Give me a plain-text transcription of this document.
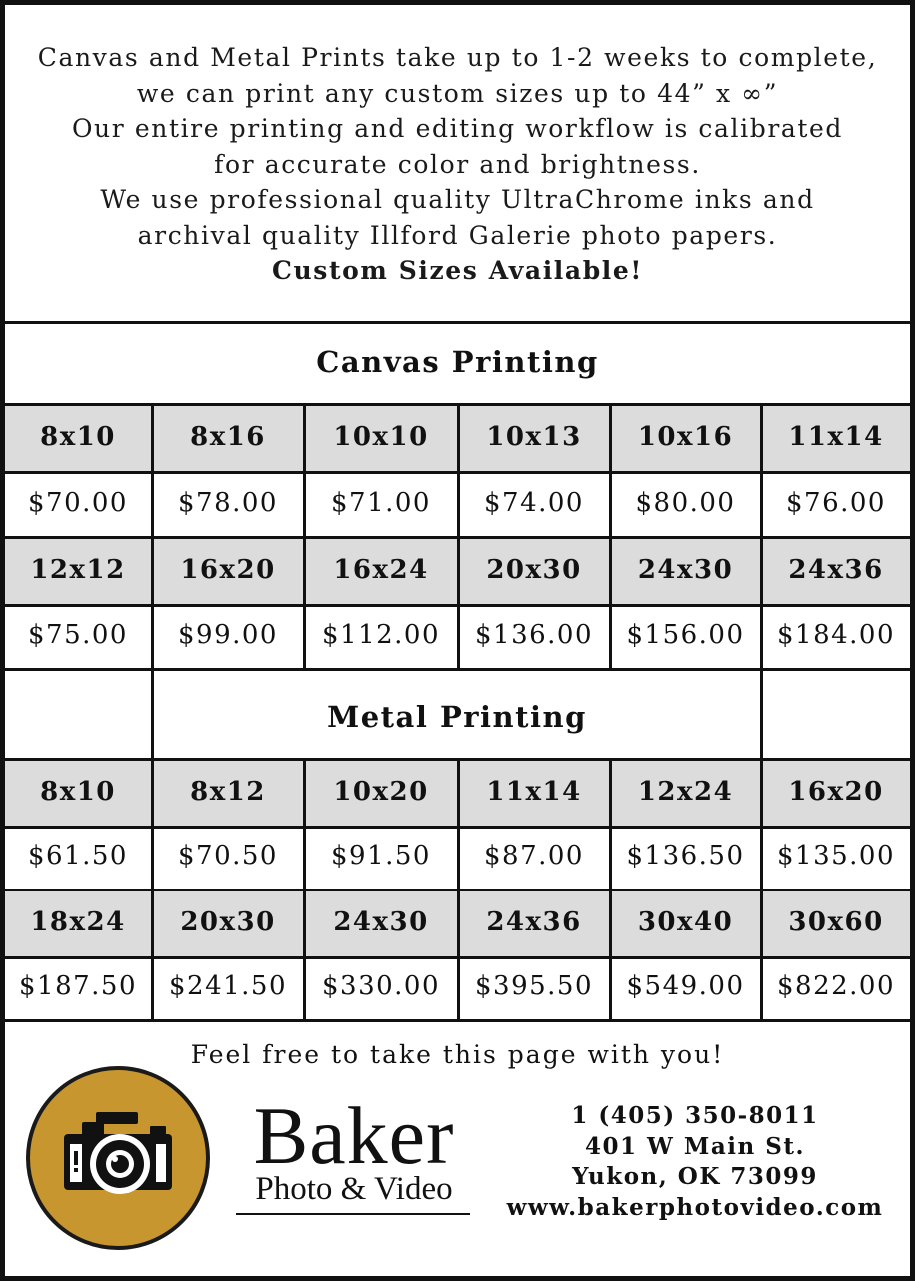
Canvas and Metal Prints take up to 1-2 weeks to complete,
we can print any custom sizes up to 44” x ∞”
Our entire printing and editing workflow is calibrated
for accurate color and brightness.
We use professional quality UltraChrome inks and
archival quality Illford Galerie photo papers.
Custom Sizes Available!
Canvas Printing
8x10	8x16	10x10	10x13	10x16	11x14
$70.00	$78.00	$71.00	$74.00	$80.00	$76.00
12x12	16x20	16x24	20x30	24x30	24x36
$75.00	$99.00	$112.00	$136.00	$156.00	$184.00
Metal Printing
8x10	8x12	10x20	11x14	12x24	16x20
$61.50	$70.50	$91.50	$87.00	$136.50	$135.00
18x24	20x30	24x30	24x36	30x40	30x60
$187.50	$241.50	$330.00	$395.50	$549.00	$822.00
Feel free to take this page with you!
Baker
Photo & Video
1 (405) 350-8011
401 W Main St.
Yukon, OK 73099
www.bakerphotovideo.com
